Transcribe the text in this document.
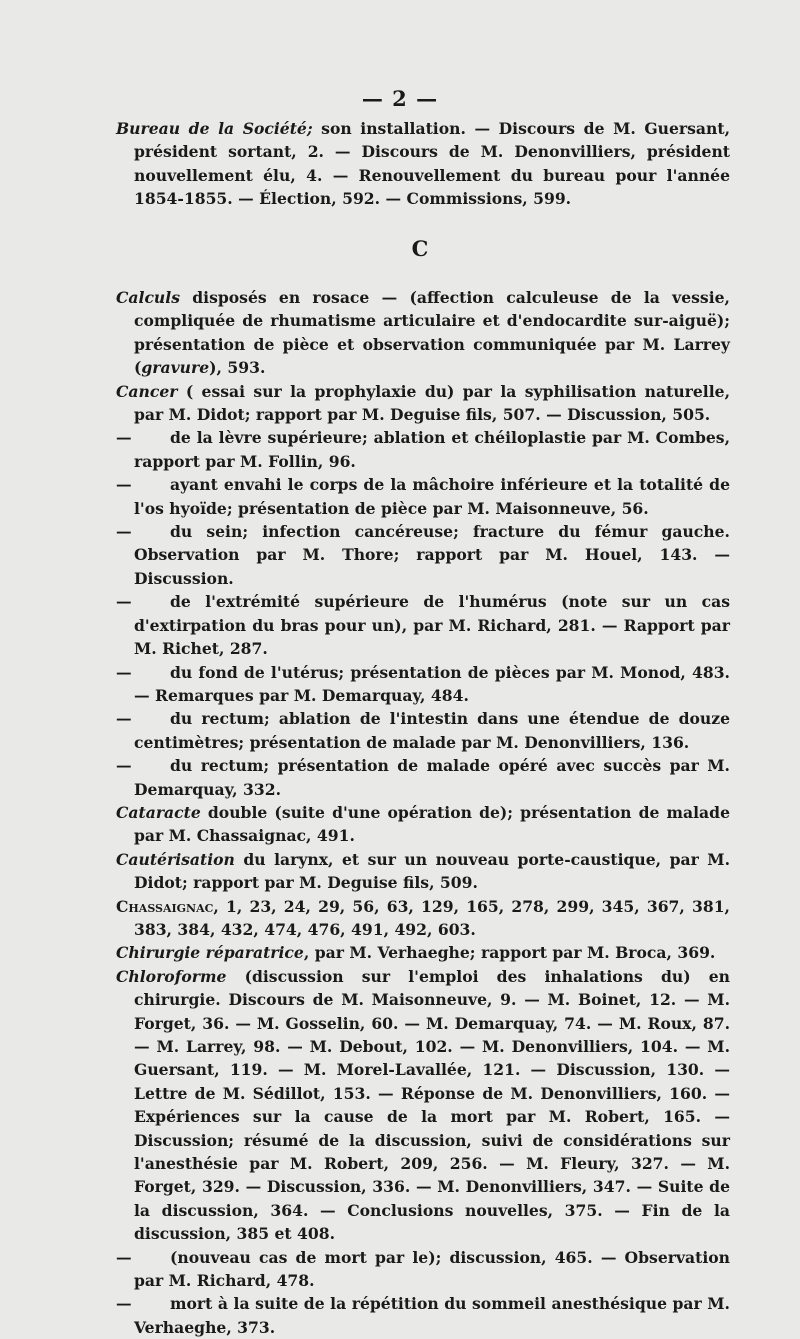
— 2 —

Bureau de la Société; son installation. — Discours de M. Guersant, président sortant, 2. — Discours de M. Denonvilliers, président nouvellement élu, 4. — Renouvellement du bureau pour l'année 1854-1855. — Élection, 592. — Commissions, 599.

C

Calculs disposés en rosace — (affection calculeuse de la vessie, compliquée de rhumatisme articulaire et d'endocardite sur-aiguë); présentation de pièce et observation communiquée par M. Larrey (gravure), 593.

Cancer ( essai sur la prophylaxie du) par la syphilisation naturelle, par M. Didot; rapport par M. Deguise fils, 507. — Discussion, 505.

— de la lèvre supérieure; ablation et chéiloplastie par M. Combes, rapport par M. Follin, 96.

— ayant envahi le corps de la mâchoire inférieure et la totalité de l'os hyoïde; présentation de pièce par M. Maisonneuve, 56.

— du sein; infection cancéreuse; fracture du fémur gauche. Observation par M. Thore; rapport par M. Houel, 143. — Discussion.

— de l'extrémité supérieure de l'humérus (note sur un cas d'extirpation du bras pour un), par M. Richard, 281. — Rapport par M. Richet, 287.

— du fond de l'utérus; présentation de pièces par M. Monod, 483. — Remarques par M. Demarquay, 484.

— du rectum; ablation de l'intestin dans une étendue de douze centimètres; présentation de malade par M. Denonvilliers, 136.

— du rectum; présentation de malade opéré avec succès par M. Demarquay, 332.

Cataracte double (suite d'une opération de); présentation de malade par M. Chassaignac, 491.

Cautérisation du larynx, et sur un nouveau porte-caustique, par M. Didot; rapport par M. Deguise fils, 509.

Chassaignac, 1, 23, 24, 29, 56, 63, 129, 165, 278, 299, 345, 367, 381, 383, 384, 432, 474, 476, 491, 492, 603.

Chirurgie réparatrice, par M. Verhaeghe; rapport par M. Broca, 369.

Chloroforme (discussion sur l'emploi des inhalations du) en chirurgie. Discours de M. Maisonneuve, 9. — M. Boinet, 12. — M. Forget, 36. — M. Gosselin, 60. — M. Demarquay, 74. — M. Roux, 87. — M. Larrey, 98. — M. Debout, 102. — M. Denonvilliers, 104. — M. Guersant, 119. — M. Morel-Lavallée, 121. — Discussion, 130. — Lettre de M. Sédillot, 153. — Réponse de M. Denonvilliers, 160. — Expériences sur la cause de la mort par M. Robert, 165. — Discussion; résumé de la discussion, suivi de considérations sur l'anesthésie par M. Robert, 209, 256. — M. Fleury, 327. — M. Forget, 329. — Discussion, 336. — M. Denonvilliers, 347. — Suite de la discussion, 364. — Conclusions nouvelles, 375. — Fin de la discussion, 385 et 408.

— (nouveau cas de mort par le); discussion, 465. — Observation par M. Richard, 478.

— mort à la suite de la répétition du sommeil anesthésique par M. Verhaeghe, 373.
